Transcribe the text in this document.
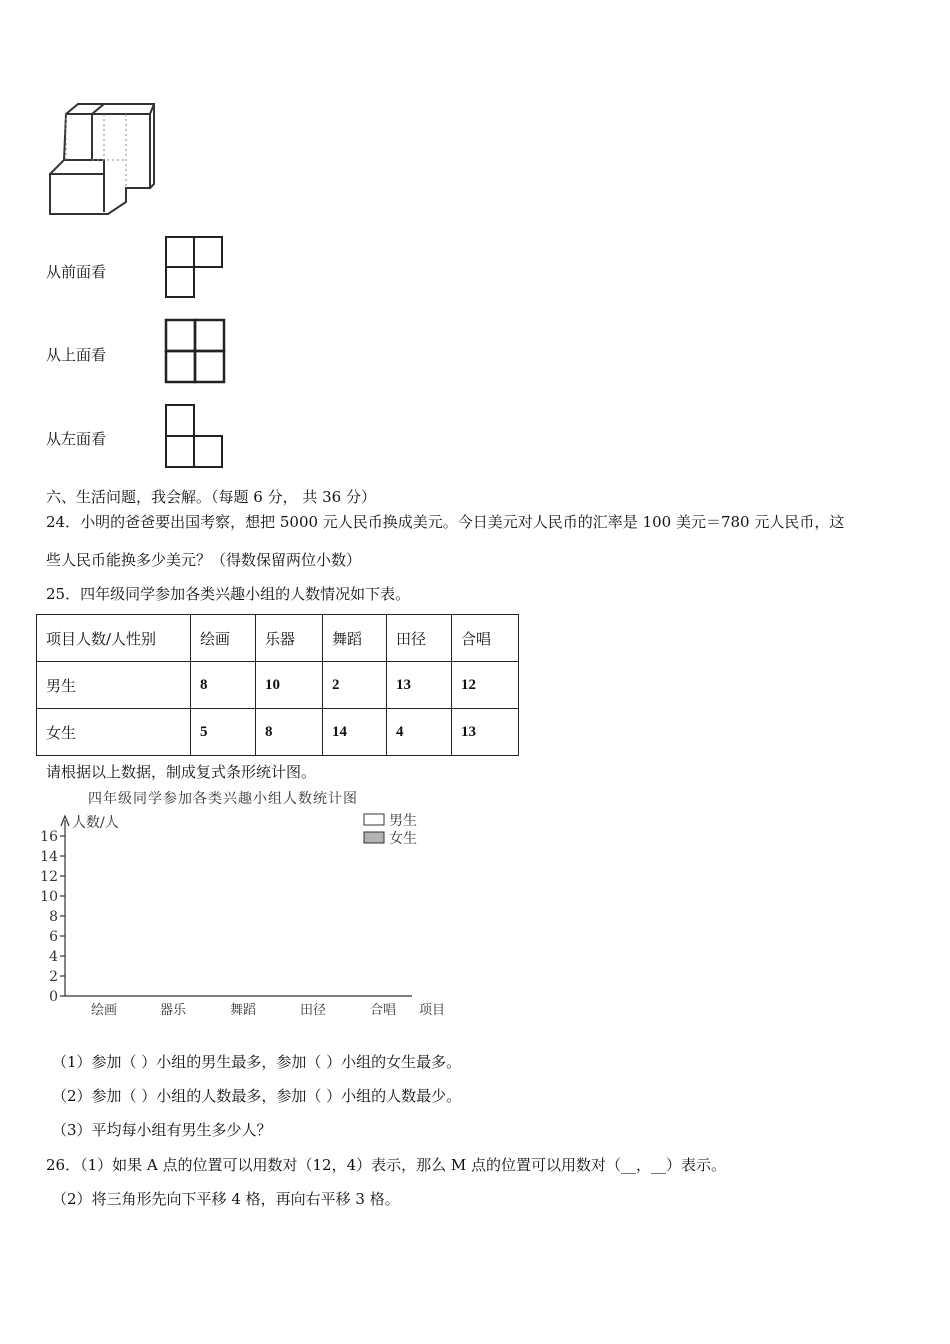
从前面看
从上面看
从左面看
六、生活问题，我会解。（每题 6 分， 共 36 分）
24．小明的爸爸要出国考察，想把 5000 元人民币换成美元。今日美元对人民币的汇率是 100 美元＝780 元人民币，这
些人民币能换多少美元？（得数保留两位小数）
25．四年级同学参加各类兴趣小组的人数情况如下表。
项目人数/人性别	绘画	乐器	舞蹈	田径	合唱
男生	8	10	2	13	12
女生	5	8	14	4	13
请根据以上数据，制成复式条形统计图。
四年级同学参加各类兴趣小组人数统计图
0
2
4
6
8
10
12
14
16
绘画	器乐	舞蹈	田径	合唱
人数/人
项目
男生
女生
（1）参加（ ）小组的男生最多，参加（ ）小组的女生最多。
（2）参加（ ）小组的人数最多，参加（ ）小组的人数最少。
（3）平均每小组有男生多少人？
26．（1）如果 A 点的位置可以用数对（12，4）表示，那么 M 点的位置可以用数对（__，__）表示。
（2）将三角形先向下平移 4 格，再向右平移 3 格。
